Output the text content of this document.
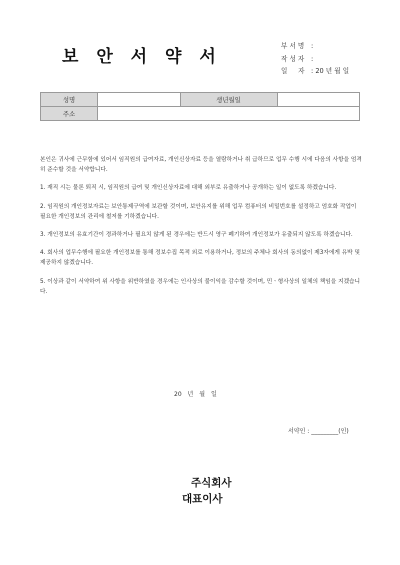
보 안 서 약 서
부 서 명	:
작 성 자	:
일 　 자 : 20 년 월 일
성명		생년월일	
주소			

본인은 귀사에 근무함에 있어서 임직원의 급여자료, 개인신상자료 등을 열람하거나 취 급하므로 업무 수행 시에 다음의 사항을 엄격히 준수할 것을 서약합니다.

1. 재직 시는 물론 퇴직 시, 임직원의 급여 및 개인신상자료에 대해 외부로 유출하거나 공개하는 일이 없도록 하겠습니다.

2. 임직원의 개인정보자료는 보안통제구역에 보관할 것이며, 보안유지를 위해 업무 컴퓨터의 비밀번호를 설정하고 엄호화 작업이 필요한 개인정보의 관리에 철저를 기하겠습니다.

3. 개인정보의 유효기간이 경과하거나 필요치 않게 된 경우에는 반드시 영구 폐기하여 개인정보가 유출되지 않도록 하겠습니다.

4. 회사의 업무수행에 필요한 개인정보를 통해 정보수집 목적 외로 이용하거나, 정보의 주체나 회사의 동의없이 제3자에게 유박 및 제공하지 않겠습니다.

5. 이상과 같이 서약하여 위 사항을 위반하였을 경우에는 인사상의 불이익을 감수할 것이며, 민ㆍ형사상의 일체의 책임을 지겠습니다.

20 년 월 일
서약인 : _________(인)
주식회사
대표이사
